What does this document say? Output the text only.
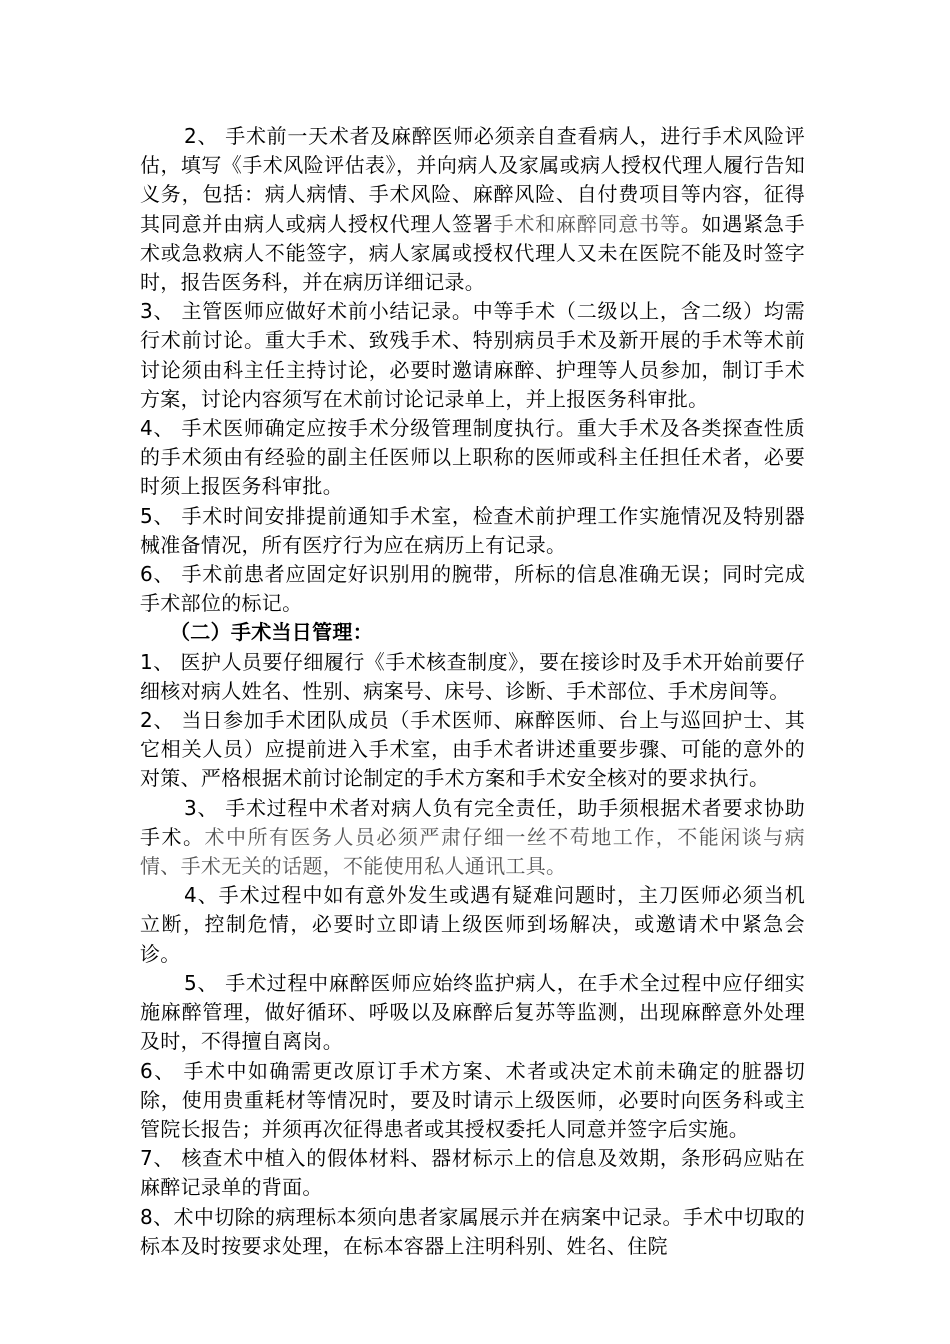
2、 手术前一天术者及麻醉医师必须亲自查看病人，进行手术风险评估，填写《手术风险评估表》，并向病人及家属或病人授权代理人履行告知义务，包括：病人病情、手术风险、麻醉风险、自付费项目等内容，征得其同意并由病人或病人授权代理人签署手术和麻醉同意书等。如遇紧急手术或急救病人不能签字，病人家属或授权代理人又未在医院不能及时签字时，报告医务科，并在病历详细记录。

3、 主管医师应做好术前小结记录。中等手术（二级以上，含二级）均需行术前讨论。重大手术、致残手术、特别病员手术及新开展的手术等术前讨论须由科主任主持讨论，必要时邀请麻醉、护理等人员参加，制订手术方案，讨论内容须写在术前讨论记录单上，并上报医务科审批。

4、 手术医师确定应按手术分级管理制度执行。重大手术及各类探查性质的手术须由有经验的副主任医师以上职称的医师或科主任担任术者，必要时须上报医务科审批。

5、 手术时间安排提前通知手术室，检查术前护理工作实施情况及特别器械准备情况，所有医疗行为应在病历上有记录。

6、 手术前患者应固定好识别用的腕带，所标的信息准确无误；同时完成手术部位的标记。

（二）手术当日管理：

1、 医护人员要仔细履行《手术核查制度》，要在接诊时及手术开始前要仔细核对病人姓名、性别、病案号、床号、诊断、手术部位、手术房间等。

2、 当日参加手术团队成员（手术医师、麻醉医师、台上与巡回护士、其它相关人员）应提前进入手术室，由手术者讲述重要步骤、可能的意外的对策、严格根据术前讨论制定的手术方案和手术安全核对的要求执行。

3、 手术过程中术者对病人负有完全责任，助手须根据术者要求协助手术。术中所有医务人员必须严肃仔细一丝不苟地工作，不能闲谈与病情、手术无关的话题，不能使用私人通讯工具。

4、手术过程中如有意外发生或遇有疑难问题时，主刀医师必须当机立断，控制危情，必要时立即请上级医师到场解决，或邀请术中紧急会诊。

5、 手术过程中麻醉医师应始终监护病人，在手术全过程中应仔细实施麻醉管理，做好循环、呼吸以及麻醉后复苏等监测，出现麻醉意外处理及时，不得擅自离岗。

6、 手术中如确需更改原订手术方案、术者或决定术前未确定的脏器切除，使用贵重耗材等情况时，要及时请示上级医师，必要时向医务科或主管院长报告；并须再次征得患者或其授权委托人同意并签字后实施。

7、 核查术中植入的假体材料、器材标示上的信息及效期，条形码应贴在麻醉记录单的背面。

8、术中切除的病理标本须向患者家属展示并在病案中记录。手术中切取的标本及时按要求处理，在标本容器上注明科别、姓名、住院
